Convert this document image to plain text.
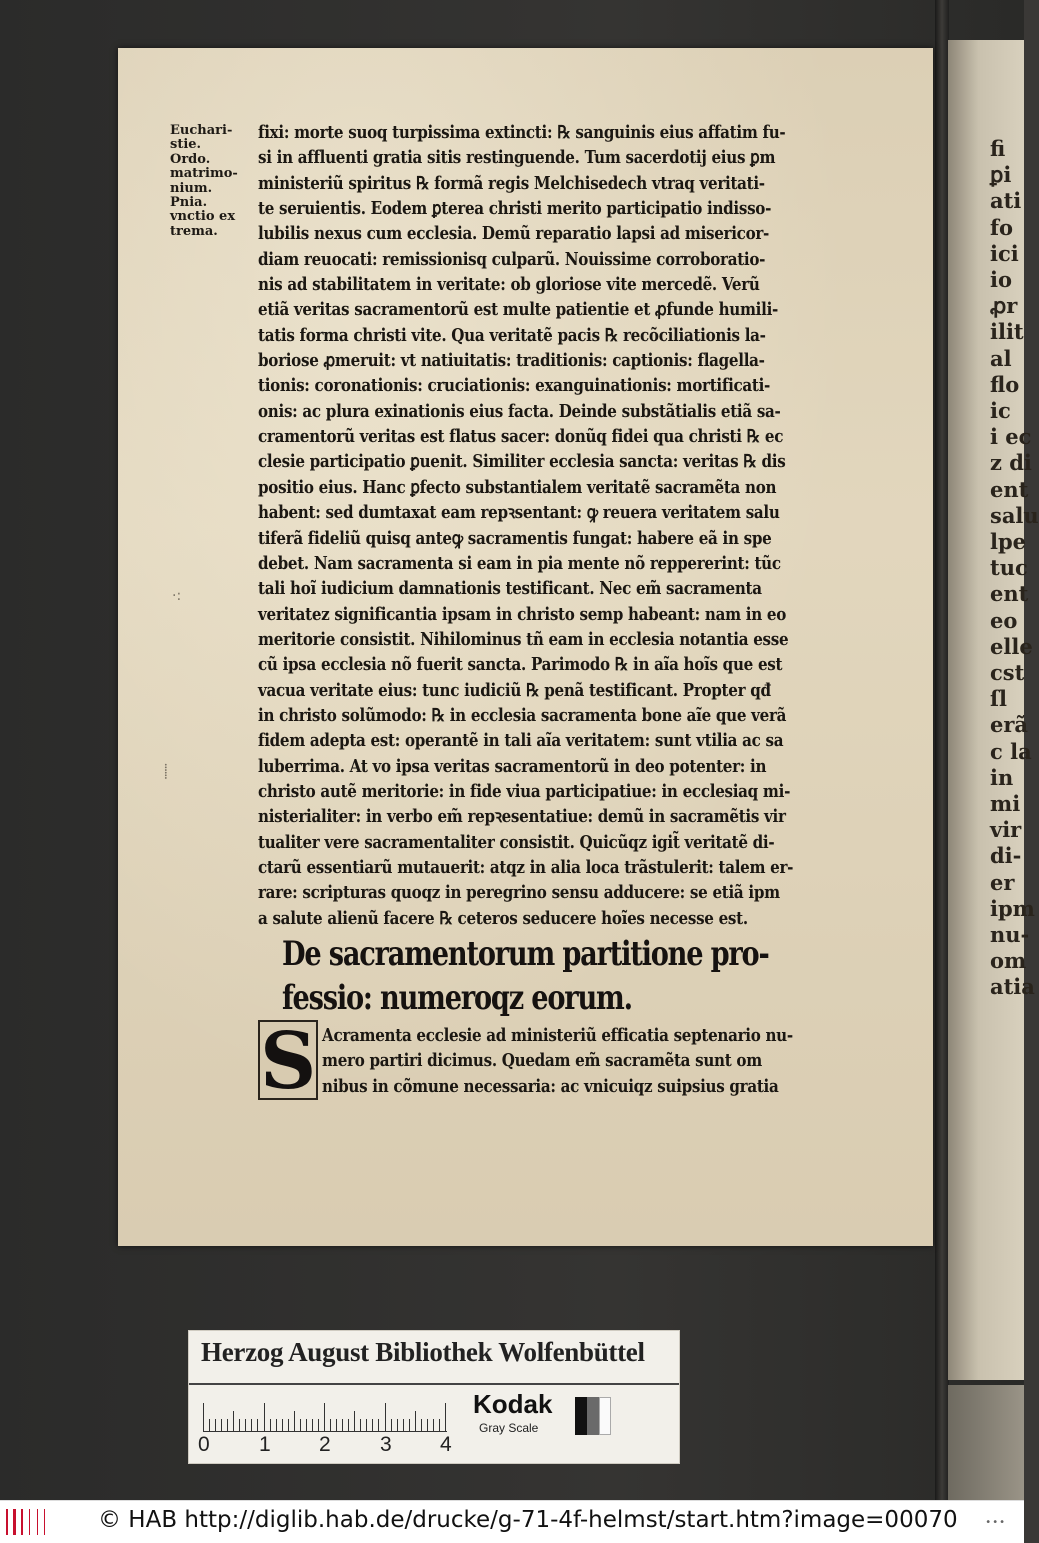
fi
ꝑi
ati
fo
ici
io
ꝓr
ilit
al
flo
ic
i ec
z di
ent
salu
lpe
tuc
ent
eo
elle
cst
ſl
erã
c la
in
mi
vir
di-
er
ipm
nu-
om
atia
·:
⸽
Euchari-
stie.
Ordo.
matrimo-
nium.
Pnia.
vnctio ex
trema.
fixi: morte suoq turpissima extincti: ℞ sanguinis eius affatim fu-
si in affluenti gratia sitis restinguende. Tum sacerdotij eius ꝑm
ministeriũ spiritus ℞ formã regis Melchisedech vtraq veritati-
te seruientis. Eodem ꝑterea christi merito participatio indisso-
lubilis nexus cum ecclesia. Demũ reparatio lapsi ad misericor-
diam reuocati: remissionisq culparũ. Nouissime corroboratio-
nis ad stabilitatem in veritate: ob gloriose vite mercedẽ. Verũ
etiã veritas sacramentorũ est multe patientie et ꝓfunde humili-
tatis forma christi vite. Qua veritatẽ pacis ℞ recõciliationis la-
boriose ꝓmeruit: vt natiuitatis: traditionis: captionis: flagella-
tionis: coronationis: cruciationis: exanguinationis: mortificati-
onis: ac plura exinationis eius facta. Deinde substãtialis etiã sa-
cramentorũ veritas est flatus sacer: donũq fidei qua christi ℞ ec
clesie participatio ꝑuenit. Similiter ecclesia sancta: veritas ℞ dis
positio eius. Hanc ꝑfecto substantialem veritatẽ sacramẽta non
habent: sed dumtaxat eam repꝛsentant: ꝙ reuera veritatem salu
tiferã fideliũ quisq anteꝙ sacramentis fungat: habere eã in spe
debet. Nam sacramenta si eam in pia mente nõ reppererint: tũc
tali hoĩ iudicium damnationis testificant. Nec em̃ sacramenta
veritatez significantia ipsam in christo semp habeant: nam in eo
meritorie consistit. Nihilominus tñ eam in ecclesia notantia esse
cũ ipsa ecclesia nõ fuerit sancta. Parimodo ℞ in aĩa hoĩs que est
vacua veritate eius: tunc iudiciũ ℞ penã testificant. Propter qđ
in christo solũmodo: ℞ in ecclesia sacramenta bone aĩe que verã
fidem adepta est: operantẽ in tali aĩa veritatem: sunt vtilia ac sa
luberrima. At vo ipsa veritas sacramentorũ in deo potenter: in
christo autẽ meritorie: in fide viua participatiue: in ecclesiaq mi-
nisterialiter: in verbo em̃ repꝛesentatiue: demũ in sacramẽtis vir
tualiter vere sacramentaliter consistit. Quicũqz igit̃ veritatẽ di-
ctarũ essentiarũ mutauerit: atqz in alia loca trãstulerit: talem er-
rare: scripturas quoqz in peregrino sensu adducere: se etiã ipm
a salute alienũ facere ℞ ceteros seducere hoĩes necesse est.
De sacramentorum partitione pro-
fessio: numeroqz eorum.
S Acramenta ecclesie ad ministeriũ efficatia septenario nu-
mero partiri dicimus. Quedam em̃ sacramẽta sunt om
nibus in cõmune necessaria: ac vnicuiqz suipsius gratia
Herzog August Bibliothek Wolfenbüttel
0 1 2 3 4
Kodak
Gray Scale
© HAB http://diglib.hab.de/drucke/g-71-4f-helmst/start.htm?image=00070	•••
